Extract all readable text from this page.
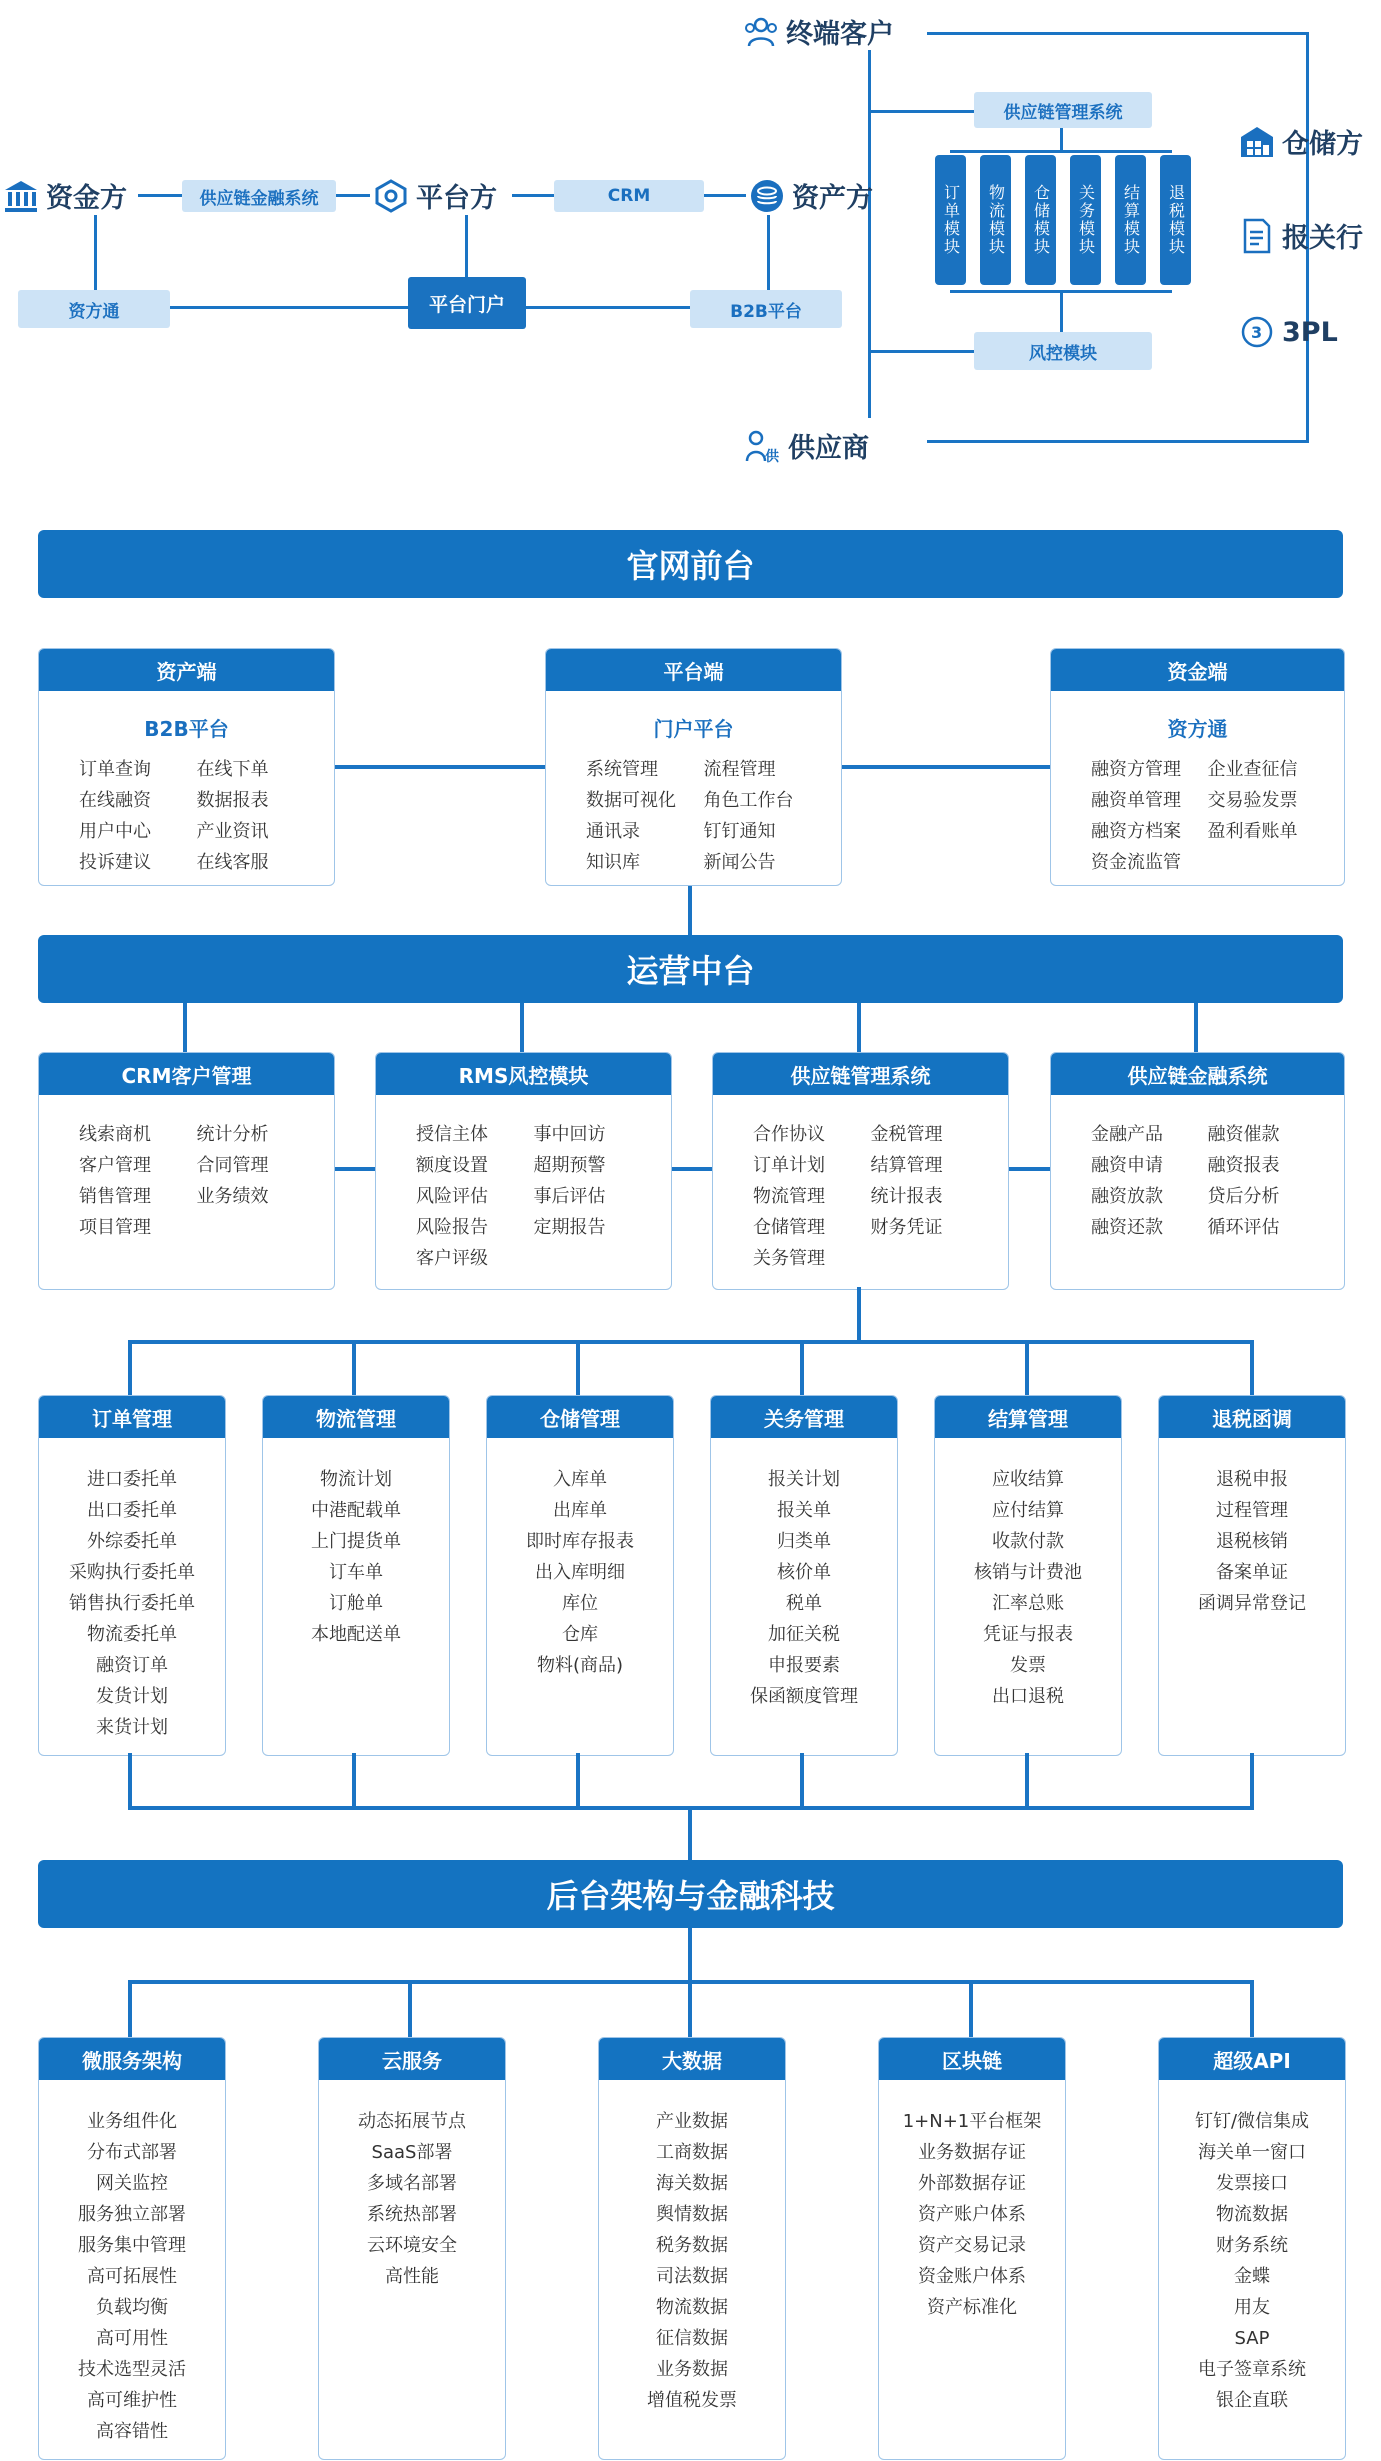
终端客户
资金方	平台方	资产方
供 供应商
仓储方
报关行
3 3PL
供应链金融系统	CRM
供应链管理系统
风控模块
资方通	平台门户	B2B平台
订单模块 物流模块 仓储模块 关务模块 结算模块 退税模块
官网前台
资产端
B2B平台
订单查询	在线下单
在线融资	数据报表
用户中心	产业资讯
投诉建议	在线客服
平台端
门户平台
系统管理	流程管理
数据可视化	角色工作台
通讯录	钉钉通知
知识库	新闻公告
资金端
资方通
融资方管理	企业查征信
融资单管理	交易验发票
融资方档案	盈利看账单
资金流监管
运营中台
CRM客户管理
线索商机	统计分析
客户管理	合同管理
销售管理	业务绩效
项目管理
RMS风控模块
授信主体	事中回访
额度设置	超期预警
风险评估	事后评估
风险报告	定期报告
客户评级
供应链管理系统
合作协议	金税管理
订单计划	结算管理
物流管理	统计报表
仓储管理	财务凭证
关务管理
供应链金融系统
金融产品	融资催款
融资申请	融资报表
融资放款	贷后分析
融资还款	循环评估
订单管理
进口委托单
出口委托单
外综委托单
采购执行委托单
销售执行委托单
物流委托单
融资订单
发货计划
来货计划
物流管理
物流计划
中港配载单
上门提货单
订车单
订舱单
本地配送单
仓储管理
入库单
出库单
即时库存报表
出入库明细
库位
仓库
物料(商品)
关务管理
报关计划
报关单
归类单
核价单
税单
加征关税
申报要素
保函额度管理
结算管理
应收结算
应付结算
收款付款
核销与计费池
汇率总账
凭证与报表
发票
出口退税
退税函调
退税申报
过程管理
退税核销
备案单证
函调异常登记
后台架构与金融科技
微服务架构
业务组件化
分布式部署
网关监控
服务独立部署
服务集中管理
高可拓展性
负载均衡
高可用性
技术选型灵活
高可维护性
高容错性
云服务
动态拓展节点
SaaS部署
多域名部署
系统热部署
云环境安全
高性能
大数据
产业数据
工商数据
海关数据
舆情数据
税务数据
司法数据
物流数据
征信数据
业务数据
增值税发票
区块链
1+N+1平台框架
业务数据存证
外部数据存证
资产账户体系
资产交易记录
资金账户体系
资产标准化
超级API
钉钉/微信集成
海关单一窗口
发票接口
物流数据
财务系统
金蝶
用友
SAP
电子签章系统
银企直联
